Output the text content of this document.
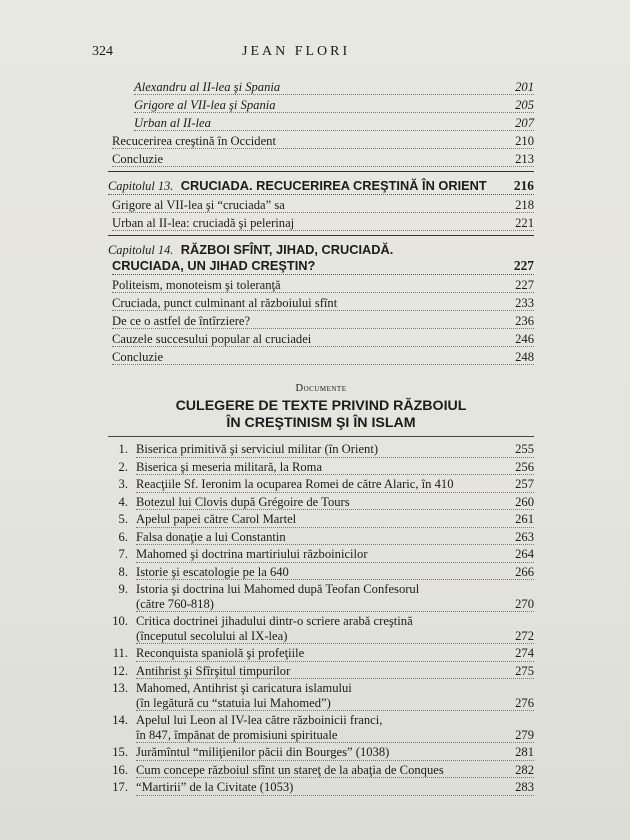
324	JEAN FLORI
Alexandru al II-lea şi Spania	201
Grigore al VII-lea şi Spania	205
Urban al II-lea	207
Recucerirea creştină în Occident	210
Concluzie	213
Capitolul 13. CRUCIADA. RECUCERIREA CREŞTINĂ ÎN ORIENT 216
Grigore al VII-lea şi “cruciada” sa	218
Urban al II-lea: cruciadă şi pelerinaj	221
Capitolul 14. RĂZBOI SFÎNT, JIHAD, CRUCIADĂ.
CRUCIADA, UN JIHAD CREŞTIN?	227
Politeism, monoteism şi toleranţă	227
Cruciada, punct culminant al războiului sfînt	233
De ce o astfel de întîrziere?	236
Cauzele succesului popular al cruciadei	246
Concluzie	248
Documente
CULEGERE DE TEXTE PRIVIND RĂZBOIUL
ÎN CREŞTINISM ŞI ÎN ISLAM
1. Biserica primitivă şi serviciul militar (în Orient)	255
2. Biserica şi meseria militară, la Roma	256
3. Reacţiile Sf. Ieronim la ocuparea Romei de către Alaric, în 410	257
4. Botezul lui Clovis după Grégoire de Tours	260
5. Apelul papei către Carol Martel	261
6. Falsa donaţie a lui Constantin	263
7. Mahomed şi doctrina martiriului războinicilor	264
8. Istorie şi escatologie pe la 640	266
9. Istoria şi doctrina lui Mahomed după Teofan Confesorul
(către 760-818)	270
10. Critica doctrinei jihadului dintr-o scriere arabă creştină
(începutul secolului al IX-lea)	272
11. Reconquista spaniolă şi profeţiile	274
12. Antihrist şi Sfîrşitul timpurilor	275
13. Mahomed, Antihrist şi caricatura islamului
(în legătură cu “statuia lui Mahomed”)	276
14. Apelul lui Leon al IV-lea către războinicii franci,
în 847, împănat de promisiuni spirituale	279
15. Jurămîntul “miliţienilor păcii din Bourges” (1038)	281
16. Cum concepe războiul sfînt un stareţ de la abaţia de Conques	282
17. “Martirii” de la Civitate (1053)	283
